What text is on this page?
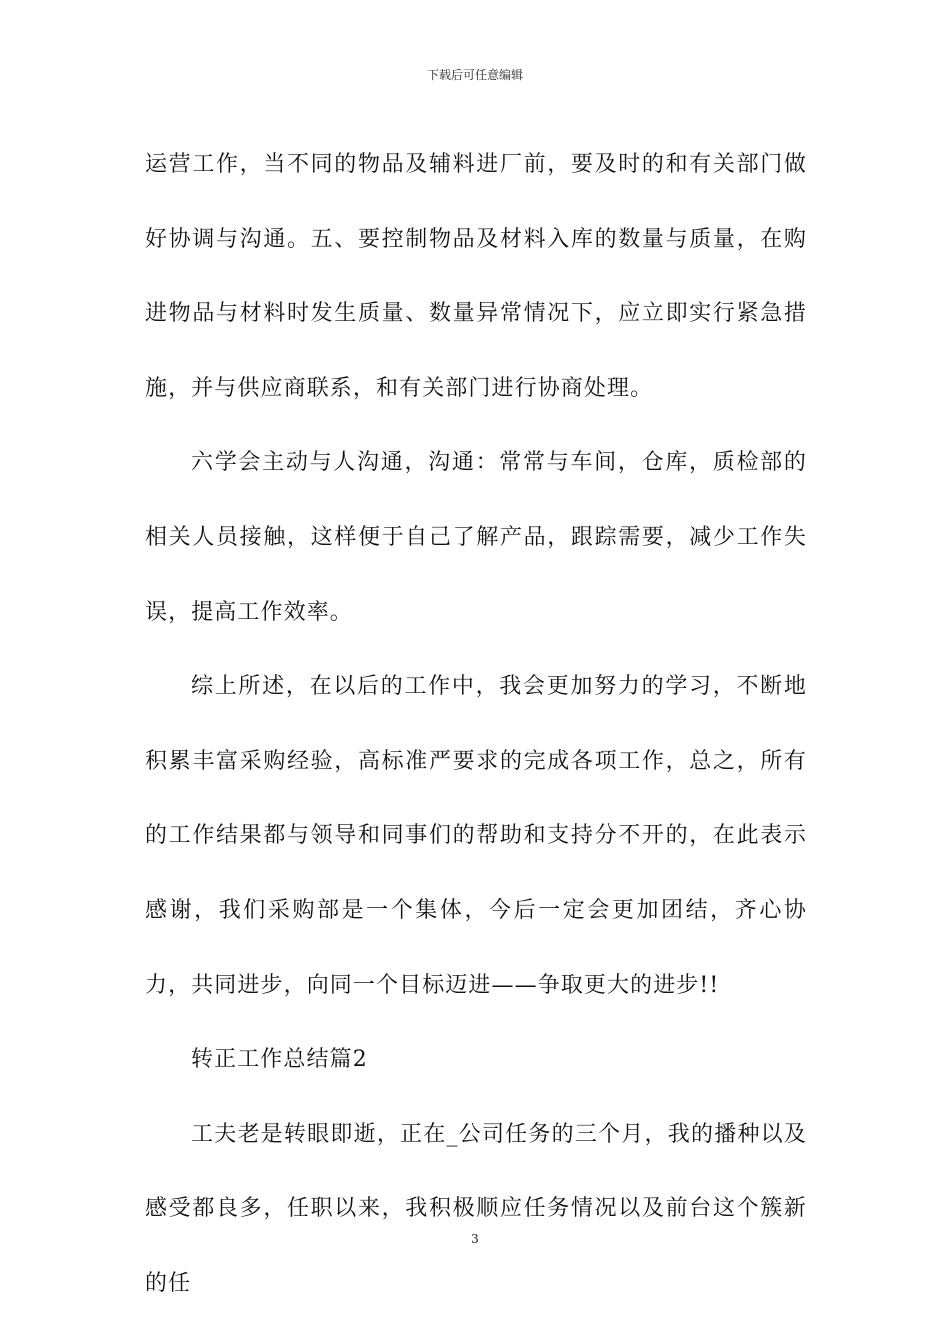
下载后可任意编辑

运营工作，当不同的物品及辅料进厂前，要及时的和有关部门做好协调与沟通。五、要控制物品及材料入库的数量与质量，在购进物品与材料时发生质量、数量异常情况下，应立即实行紧急措施，并与供应商联系，和有关部门进行协商处理。

六学会主动与人沟通，沟通：常常与车间，仓库，质检部的相关人员接触，这样便于自己了解产品，跟踪需要，减少工作失误，提高工作效率。

综上所述，在以后的工作中，我会更加努力的学习，不断地积累丰富采购经验，高标准严要求的完成各项工作，总之，所有的工作结果都与领导和同事们的帮助和支持分不开的，在此表示感谢，我们采购部是一个集体，今后一定会更加团结，齐心协力，共同进步，向同一个目标迈进——争取更大的进步!!

转正工作总结篇2

工夫老是转眼即逝，正在_公司任务的三个月，我的播种以及感受都良多，任职以来，我积极顺应任务情况以及前台这个簇新的任

3
